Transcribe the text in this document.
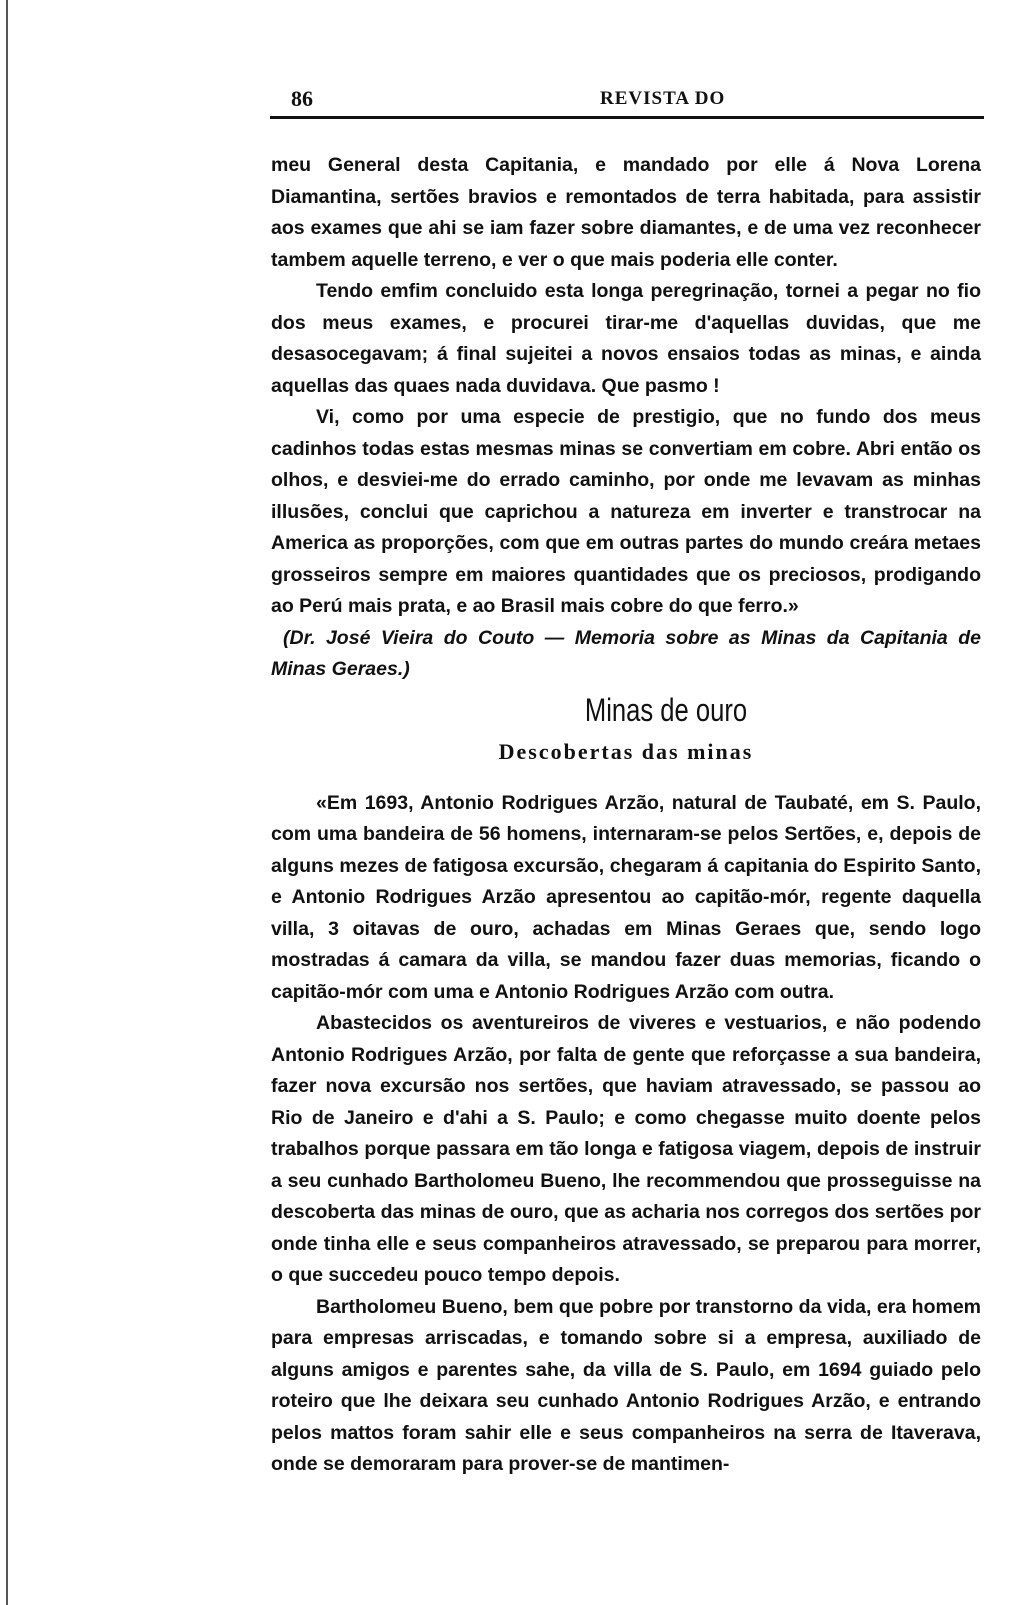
86	REVISTA DO

meu General desta Capitania, e mandado por elle á Nova Lorena Diamantina, sertões bravios e remontados de terra habitada, para assistir aos exames que ahi se iam fazer sobre diamantes, e de uma vez reconhecer tambem aquelle terreno, e ver o que mais poderia elle conter.

Tendo emfim concluido esta longa peregrinação, tornei a pegar no fio dos meus exames, e procurei tirar-me d'aquellas duvidas, que me desasocegavam; á final sujeitei a novos ensaios todas as minas, e ainda aquellas das quaes nada duvidava. Que pasmo !

Vi, como por uma especie de prestigio, que no fundo dos meus cadinhos todas estas mesmas minas se convertiam em cobre. Abri então os olhos, e desviei-me do errado caminho, por onde me levavam as minhas illusões, conclui que caprichou a natureza em inverter e transtrocar na America as proporções, com que em outras partes do mundo creára metaes grosseiros sempre em maiores quantidades que os preciosos, prodigando ao Perú mais prata, e ao Brasil mais cobre do que ferro.»

(Dr. José Vieira do Couto — Memoria sobre as Minas da Capitania de Minas Geraes.)

Minas de ouro
Descobertas das minas

«Em 1693, Antonio Rodrigues Arzão, natural de Taubaté, em S. Paulo, com uma bandeira de 56 homens, internaram-se pelos Sertões, e, depois de alguns mezes de fatigosa excursão, chegaram á capitania do Espirito Santo, e Antonio Rodrigues Arzão apresentou ao capitão-mór, regente daquella villa, 3 oitavas de ouro, achadas em Minas Geraes que, sendo logo mostradas á camara da villa, se mandou fazer duas memorias, ficando o capitão-mór com uma e Antonio Rodrigues Arzão com outra.

Abastecidos os aventureiros de viveres e vestuarios, e não podendo Antonio Rodrigues Arzão, por falta de gente que reforçasse a sua bandeira, fazer nova excursão nos sertões, que haviam atravessado, se passou ao Rio de Janeiro e d'ahi a S. Paulo; e como chegasse muito doente pelos trabalhos porque passara em tão longa e fatigosa viagem, depois de instruir a seu cunhado Bartholomeu Bueno, lhe recommendou que prosseguisse na descoberta das minas de ouro, que as acharia nos corregos dos sertões por onde tinha elle e seus companheiros atravessado, se preparou para morrer, o que succedeu pouco tempo depois.

Bartholomeu Bueno, bem que pobre por transtorno da vida, era homem para empresas arriscadas, e tomando sobre si a empresa, auxiliado de alguns amigos e parentes sahe, da villa de S. Paulo, em 1694 guiado pelo roteiro que lhe deixara seu cunhado Antonio Rodrigues Arzão, e entrando pelos mattos foram sahir elle e seus companheiros na serra de Itaverava, onde se demoraram para prover-se de mantimen-
